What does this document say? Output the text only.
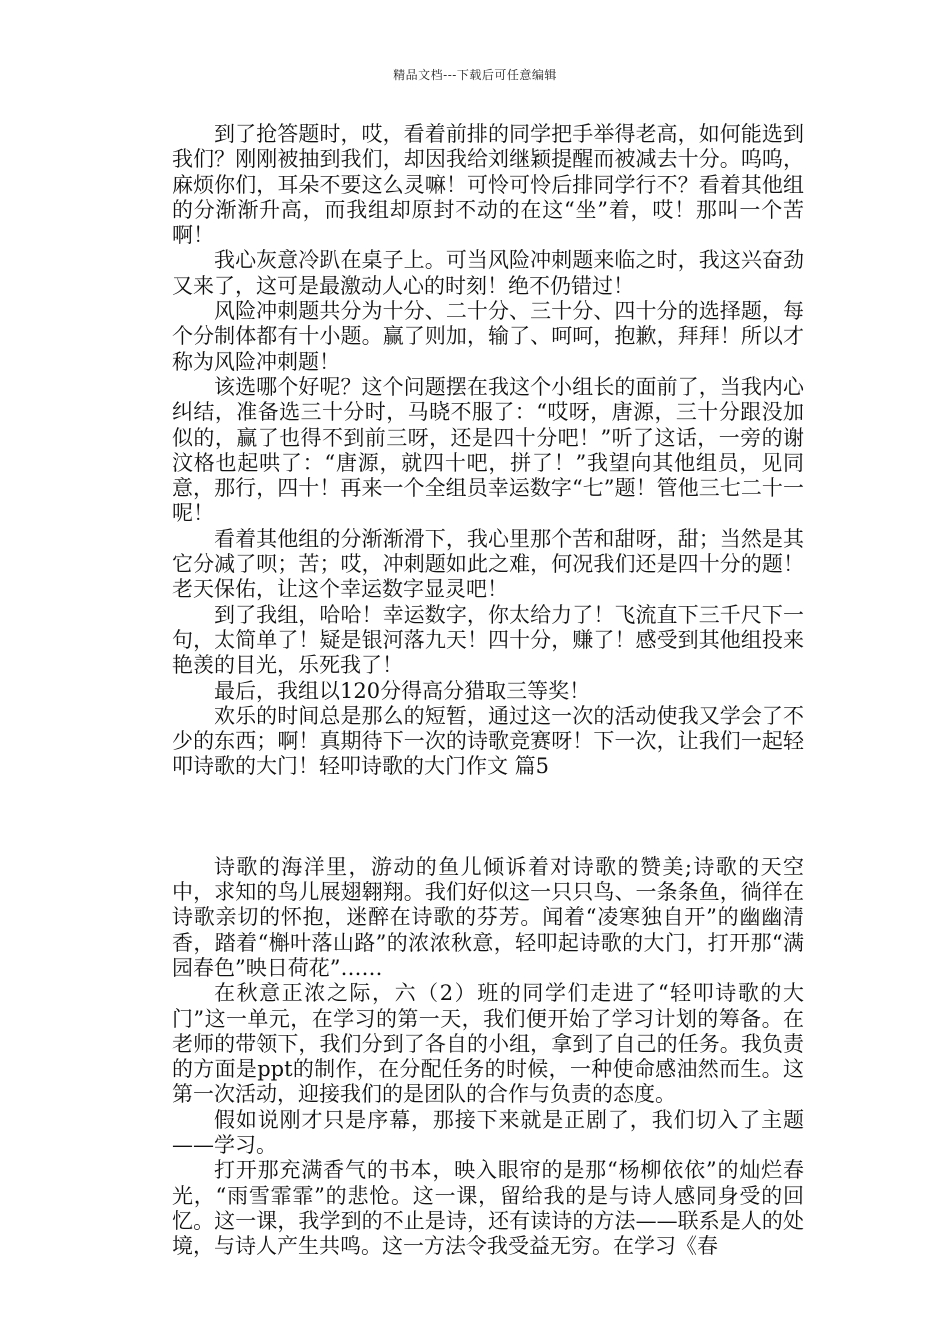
精品文档---下载后可任意编辑

到了抢答题时，哎，看着前排的同学把手举得老高，如何能选到我们？刚刚被抽到我们，却因我给刘继颖提醒而被减去十分。呜呜，麻烦你们，耳朵不要这么灵嘛！可怜可怜后排同学行不？看着其他组的分渐渐升高，而我组却原封不动的在这“坐”着，哎！那叫一个苦啊！

我心灰意冷趴在桌子上。可当风险冲刺题来临之时，我这兴奋劲又来了，这可是最激动人心的时刻！绝不仍错过！

风险冲刺题共分为十分、二十分、三十分、四十分的选择题，每个分制体都有十小题。赢了则加，输了、呵呵，抱歉，拜拜！所以才称为风险冲刺题！

该选哪个好呢？这个问题摆在我这个小组长的面前了，当我内心纠结，准备选三十分时，马晓不服了：“哎呀，唐源，三十分跟没加似的，赢了也得不到前三呀，还是四十分吧！”听了这话，一旁的谢汶格也起哄了：“唐源，就四十吧，拼了！”我望向其他组员，见同意，那行，四十！再来一个全组员幸运数字“七”题！管他三七二十一呢！

看着其他组的分渐渐滑下，我心里那个苦和甜呀，甜；当然是其它分减了呗；苦；哎，冲刺题如此之难，何况我们还是四十分的题！老天保佑，让这个幸运数字显灵吧！

到了我组，哈哈！幸运数字，你太给力了！飞流直下三千尺下一句，太简单了！疑是银河落九天！四十分，赚了！感受到其他组投来艳羡的目光，乐死我了！

最后，我组以120分得高分猎取三等奖！

欢乐的时间总是那么的短暂，通过这一次的活动使我又学会了不少的东西；啊！真期待下一次的诗歌竞赛呀！下一次，让我们一起轻叩诗歌的大门！轻叩诗歌的大门作文 篇5

诗歌的海洋里，游动的鱼儿倾诉着对诗歌的赞美;诗歌的天空中，求知的鸟儿展翅翱翔。我们好似这一只只鸟、一条条鱼，徜徉在诗歌亲切的怀抱，迷醉在诗歌的芬芳。闻着“凌寒独自开”的幽幽清香，踏着“槲叶落山路”的浓浓秋意，轻叩起诗歌的大门，打开那“满园春色”映日荷花”……

在秋意正浓之际，六（2）班的同学们走进了“轻叩诗歌的大门”这一单元，在学习的第一天，我们便开始了学习计划的筹备。在老师的带领下，我们分到了各自的小组，拿到了自己的任务。我负责的方面是ppt的制作，在分配任务的时候，一种使命感油然而生。这第一次活动，迎接我们的是团队的合作与负责的态度。

假如说刚才只是序幕，那接下来就是正剧了，我们切入了主题——学习。

打开那充满香气的书本，映入眼帘的是那“杨柳依依”的灿烂春光，“雨雪霏霏”的悲怆。这一课，留给我的是与诗人感同身受的回忆。这一课，我学到的不止是诗，还有读诗的方法——联系是人的处境，与诗人产生共鸣。这一方法令我受益无穷。在学习《春
